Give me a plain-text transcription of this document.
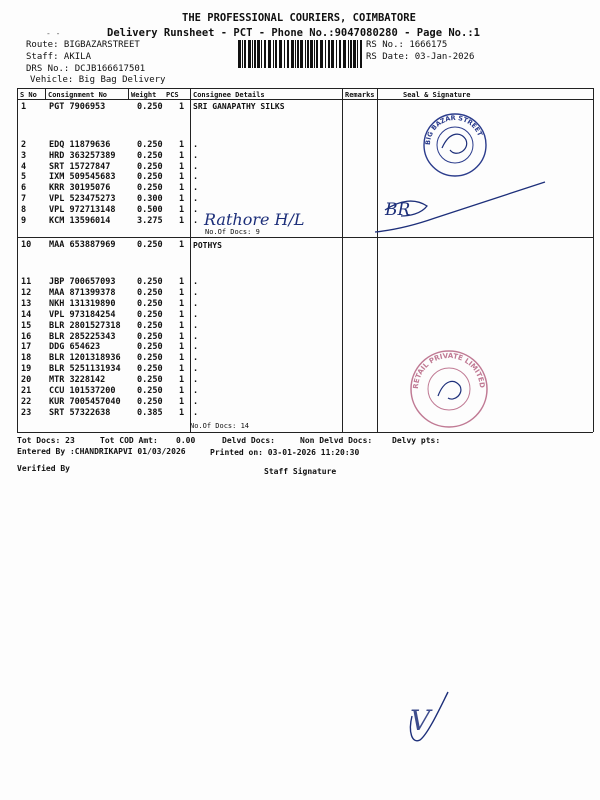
THE PROFESSIONAL COURIERS, COIMBATORE
- -	Delivery Runsheet - PCT - Phone No.:9047080280 - Page No.:1
Route: BIGBAZARSTREET
Staff: AKILA
DRS No.: DCJB166617501
Vehicle: Big Bag Delivery
RS No.: 1666175
RS Date: 03-Jan-2026
S No Consignment No	Weight PCS Consignee Details	Remarks	Seal & Signature
SRI GANAPATHY SILKS
No.Of Docs: 9
1	PGT 7906953	0.250 1
2	EDQ 11879636	0.250 1 .
3	HRD 363257389	0.250 1 .
4	SRT 15727847	0.250 1 .
5	IXM 509545683	0.250 1 .
6	KRR 30195076	0.250 1 .
7	VPL 523475273	0.300 1 .
8	VPL 972713148	0.500 1 .
9	KCM 13596014	3.275 1 .
POTHYS
No.Of Docs: 14
10 MAA 653887969	0.250 1
11 JBP 700657093	0.250 1 .
12 MAA 871399378	0.250 1 .
13 NKH 131319890	0.250 1 .
14 VPL 973184254	0.250 1 .
15 BLR 2801527318 0.250 1 .
16 BLR 285225343	0.250 1 .
17 DDG 654623	0.250 1 .
18 BLR 1201318936 0.250 1 .
19 BLR 5251131934 0.250 1 .
20 MTR 3228142	0.250 1 .
21 CCU 101537200	0.250 1 .
22 KUR 7005457040 0.250 1 .
23 SRT 57322638	0.385 1 .
Rathore H/L	BR
BIG BAZAR STREET
RETAIL PRIVATE LIMITED
Tot Docs: 23	Tot COD Amt: 0.00	Delvd Docs:	Non Delvd Docs: Delvy pts:
Entered By :CHANDRIKAPVI 01/03/2026	Printed on: 03-01-2026 11:20:30
Verified By	Staff Signature
V
